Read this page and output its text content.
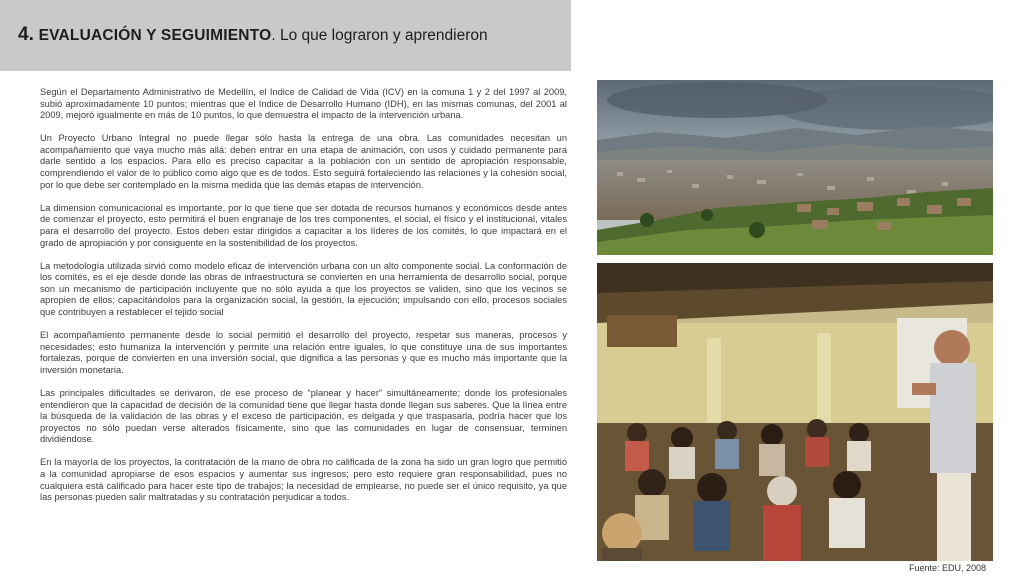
4. EVALUACIÓN Y SEGUIMIENTO. Lo que lograron y aprendieron

Según el Departamento Administrativo de Medellín, el Indice de Calidad de Vida (ICV) en la comuna 1 y 2 del 1997 al 2009, subió aproximadamente 10 puntos; mientras que el Indice de Desarrollo Humano (IDH), en las mismas comunas, del 2001 al 2009, mejoró igualmente en más de 10 puntos, lo que demuestra el impacto de la intervención urbana.

Un Proyecto Urbano Integral no puede llegar sólo hasta la entrega de una obra. Las comunidades necesitan un acompañamiento que vaya mucho más allá: deben entrar en una etapa de animación, con usos y cuidado permanente para darle sentido a los espacios. Para ello es preciso capacitar a la población con un sentido de apropiación responsable, comprendiendo el valor de lo público como algo que es de todos. Esto seguirá fortaleciendo las relaciones y la cohesión social, por lo que debe ser contemplado en la misma medida que las demás etapas de intervención.

La dimension comunicacional es importante, por lo que tiene que ser dotada de recursos humanos y económicos desde antes de comenzar el proyecto, esto permitirá el buen engranaje de los tres componentes, el social, el físico y el institucional, vitales para el desarrollo del proyecto. Estos deben estar dirigidos a capacitar a los líderes de los comités, lo que impactará en el grado de apropiación y por consiguente en la sostenibilidad de los proyectos.

La metodología utilizada sirvió como modelo eficaz de intervención urbana con un alto componente social. La conformación de los comités, es el eje desde donde las obras de infraestructura se convierten en una herramienta de desarrollo social, porque son un mecanismo de participación incluyente que no sólo ayuda a que los proyectos se validen, sino que los vecinos se apropien de ellos; capacitándolos para la organización social, la gestión, la ejecución; impulsando con ello, procesos sociales que contribuyen a restablecer el tejido social

El acompañamiento permanente desde lo social permitió el desarrollo del proyecto, respetar sus maneras, procesos y necesidades; esto humaniza la intervención y permite una relación entre iguales, lo que constituye una de sus importantes fortalezas, porque de convierten en una inversión social, que dignifica a las personas y que es mucho más importante que la inversión monetaria.

Las principales dificultades se derivaron, de ese proceso de “planear y hacer” simultáneamente; donde los profesionales entendieron que la capacidad de decisión de la comunidad tiene que llegar hasta donde llegan sus saberes. Que la línea entre la búsqueda de la validación de las obras y el exceso de participación, es delgada y que traspasarla, podría hacer que los proyectos no sólo puedan verse alterados físicamente, sino que las comunidades en lugar de consensuar, terminen dividiéndose.

En la mayoría de los proyectos, la contratación de la mano de obra no calificada de la zona ha sido un gran logro que permitió a la comunidad apropiarse de esos espacios y aumentar sus ingresos; pero esto requiere gran responsabilidad, pues no cualquiera está calificado para hacer este tipo de trabajos; la necesidad de emplearse, no puede ser el único requisito, ya que las personas pueden salir maltratadas y su contratación perjudicar a todos.

Fuente: EDU, 2008
